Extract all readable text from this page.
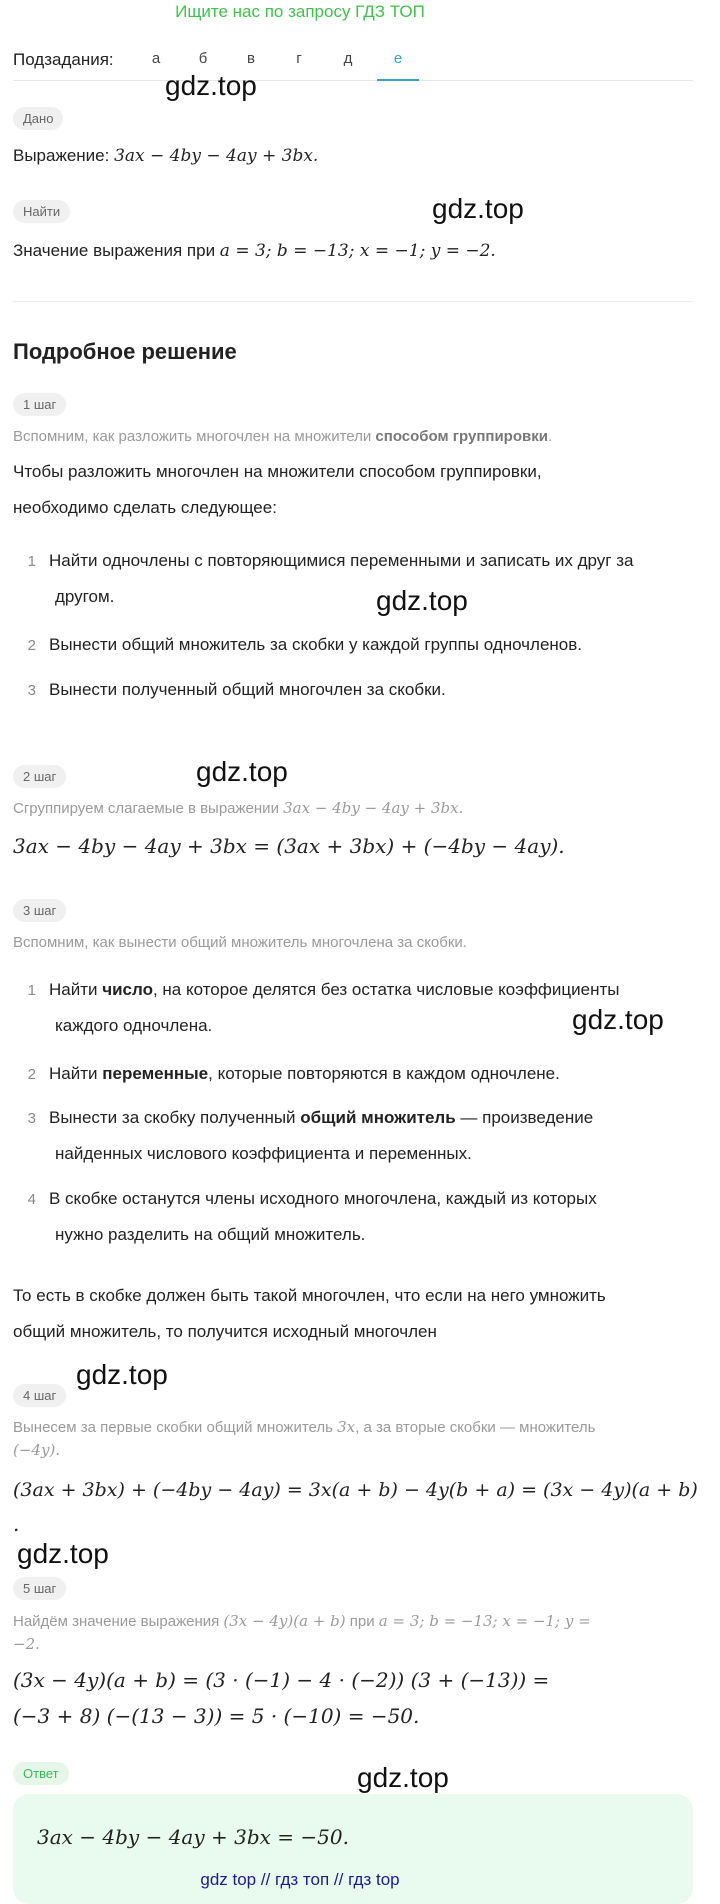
Ищите нас по запросу ГДЗ ТОП
Подзадания:	а	б	в	г	д	е
Дано
Выражение: 3ax − 4by − 4ay + 3bx.
Найти
Значение выражения при a = 3; b = −13; x = −1; y = −2.
Подробное решение
1 шаг
Вспомним, как разложить многочлен на множители способом группировки.
Чтобы разложить многочлен на множители способом группировки,
необходимо сделать следующее:
1 Найти одночлены с повторяющимися переменными и записать их друг за
другом.
2 Вынести общий множитель за скобки у каждой группы одночленов.
3 Вынести полученный общий многочлен за скобки.
2 шаг
Сгруппируем слагаемые в выражении 3ax − 4by − 4ay + 3bx.
3ax − 4by − 4ay + 3bx = (3ax + 3bx) + (−4by − 4ay).
3 шаг
Вспомним, как вынести общий множитель многочлена за скобки.
1 Найти число, на которое делятся без остатка числовые коэффициенты
каждого одночлена.
2 Найти переменные, которые повторяются в каждом одночлене.
3 Вынести за скобку полученный общий множитель — произведение
найденных числового коэффициента и переменных.
4 В скобке останутся члены исходного многочлена, каждый из которых
нужно разделить на общий множитель.
То есть в скобке должен быть такой многочлен, что если на него умножить
общий множитель, то получится исходный многочлен
4 шаг
Вынесем за первые скобки общий множитель 3x, а за вторые скобки — множитель
(−4y).
(3ax + 3bx) + (−4by − 4ay) = 3x(a + b) − 4y(b + a) = (3x − 4y)(a + b)
.
5 шаг
Найдём значение выражения (3x − 4y)(a + b) при a = 3; b = −13; x = −1; y =
−2.
(3x − 4y)(a + b) = (3 · (−1) − 4 · (−2)) (3 + (−13)) =
(−3 + 8) (−(13 − 3)) = 5 · (−10) = −50.
Ответ
3ax − 4by − 4ay + 3bx = −50.
gdz.top
gdz.top
gdz.top
gdz.top
gdz.top
gdz.top
gdz.top
gdz.top
gdz top // гдз топ // гдз top
